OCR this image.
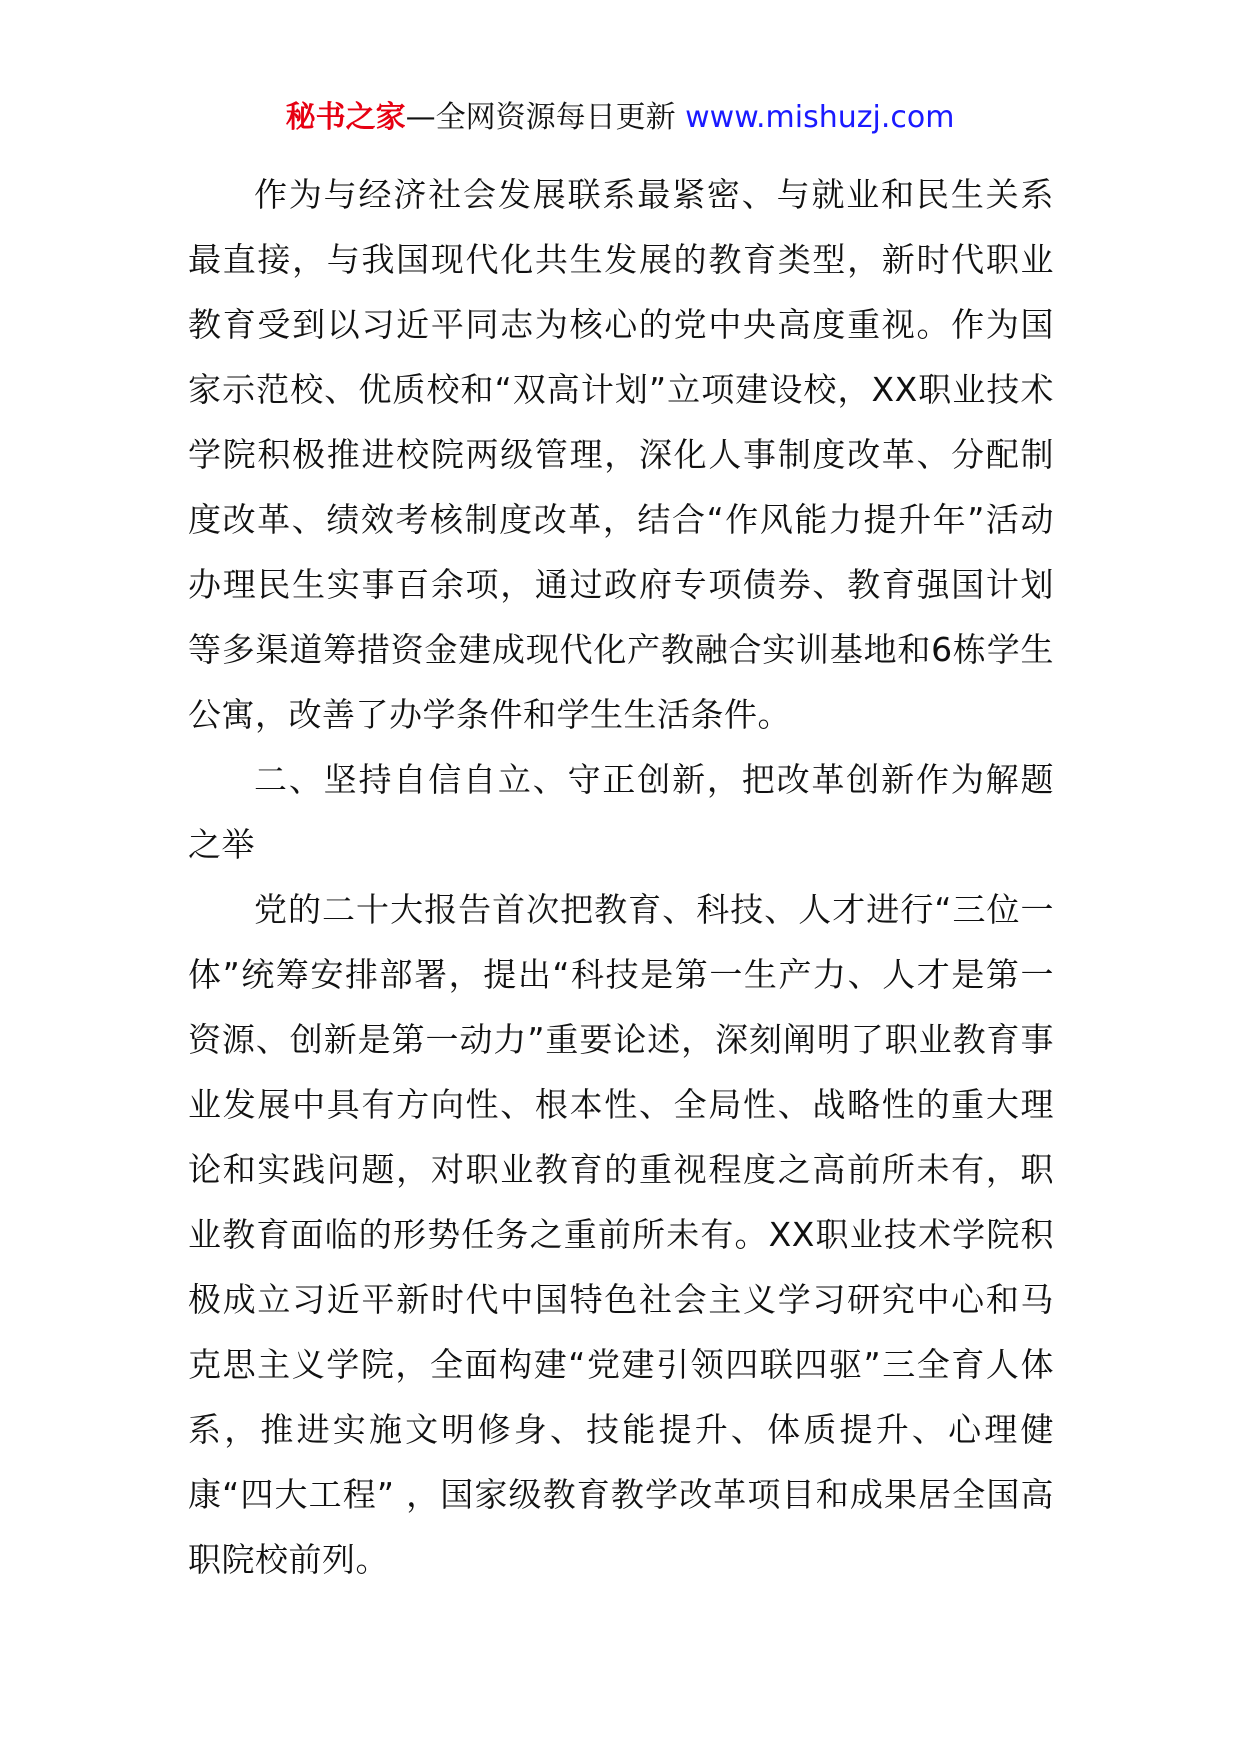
秘书之家—全网资源每日更新 www.mishuzj.com

作为与经济社会发展联系最紧密、与就业和民生关系最直接，与我国现代化共生发展的教育类型，新时代职业教育受到以习近平同志为核心的党中央高度重视。作为国家示范校、优质校和“双高计划”立项建设校，XX职业技术学院积极推进校院两级管理，深化人事制度改革、分配制度改革、绩效考核制度改革，结合“作风能力提升年”活动办理民生实事百余项，通过政府专项债券、教育强国计划等多渠道筹措资金建成现代化产教融合实训基地和6栋学生公寓，改善了办学条件和学生生活条件。

二、坚持自信自立、守正创新，把改革创新作为解题之举

党的二十大报告首次把教育、科技、人才进行“三位一体”统筹安排部署，提出“科技是第一生产力、人才是第一资源、创新是第一动力”重要论述，深刻阐明了职业教育事业发展中具有方向性、根本性、全局性、战略性的重大理论和实践问题，对职业教育的重视程度之高前所未有，职业教育面临的形势任务之重前所未有。XX职业技术学院积极成立习近平新时代中国特色社会主义学习研究中心和马克思主义学院，全面构建“党建引领四联四驱”三全育人体系，推进实施文明修身、技能提升、体质提升、心理健康“四大工程” ，国家级教育教学改革项目和成果居全国高职院校前列。
